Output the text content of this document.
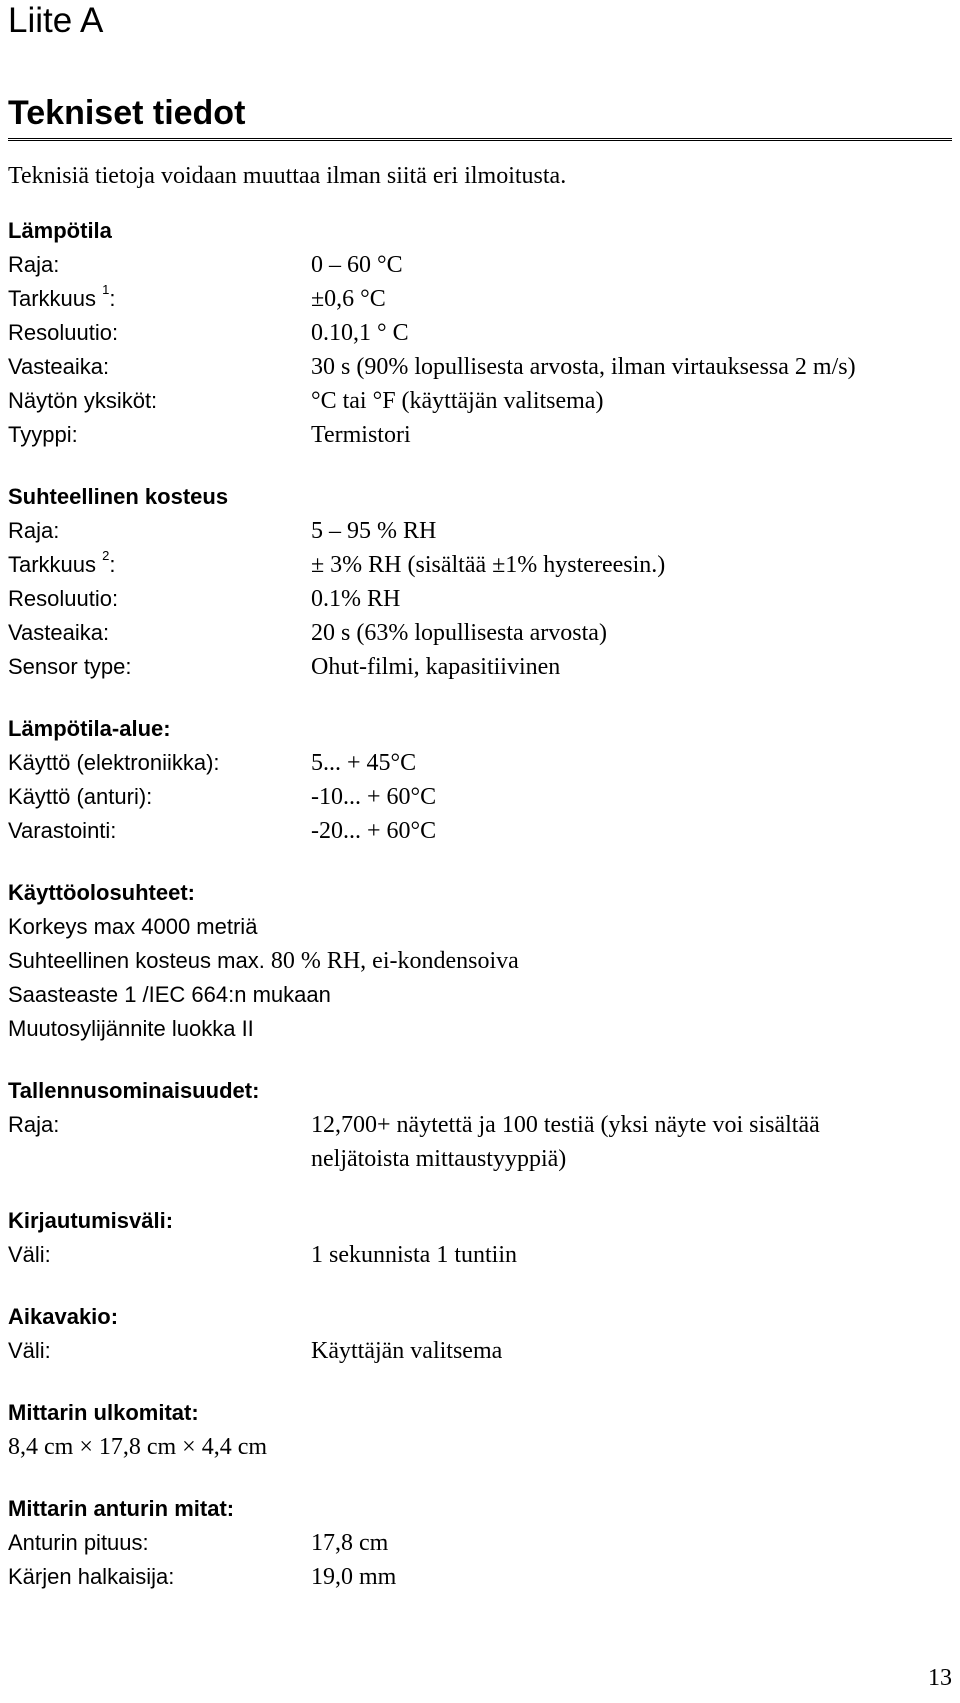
Liite A
Tekniset tiedot

Teknisiä tietoja voidaan muuttaa ilman siitä eri ilmoitusta.

Lämpötila

Raja:	0 – 60 °C
Tarkkuus $^1$:	±0,6 °C
Resoluutio:	0.10,1 ° C
Vasteaika:	30 s (90% lopullisesta arvosta, ilman virtauksessa 2 m/s)
Näytön yksiköt:	°C tai °F (käyttäjän valitsema)
Tyyppi:	Termistori

Suhteellinen kosteus

Raja:	5 – 95 % RH
Tarkkuus $^2$:	± 3% RH (sisältää ±1% hystereesin.)
Resoluutio:	0.1% RH
Vasteaika:	20 s (63% lopullisesta arvosta)
Sensor type:	Ohut-filmi, kapasitiivinen

Lämpötila-alue:

Käyttö (elektroniikka):	5... + 45°C
Käyttö (anturi):	-10... + 60°C
Varastointi:	-20... + 60°C

Käyttöolosuhteet:

Korkeys max 4000 metriä
Suhteellinen kosteus max. 80 % RH, ei-kondensoiva
Saasteaste 1 /IEC 664:n mukaan
Muutosylijännite luokka II

Tallennusominaisuudet:

Raja:	12,700+ näytettä ja 100 testiä (yksi näyte voi sisältää neljätoista mittaustyyppiä)

Kirjautumisväli:

Väli:	1 sekunnista 1 tuntiin

Aikavakio:

Väli:	Käyttäjän valitsema

Mittarin ulkomitat:

8,4 cm × 17,8 cm × 4,4 cm

Mittarin anturin mitat:

Anturin pituus:	17,8 cm
Kärjen halkaisija:	19,0 mm
13
